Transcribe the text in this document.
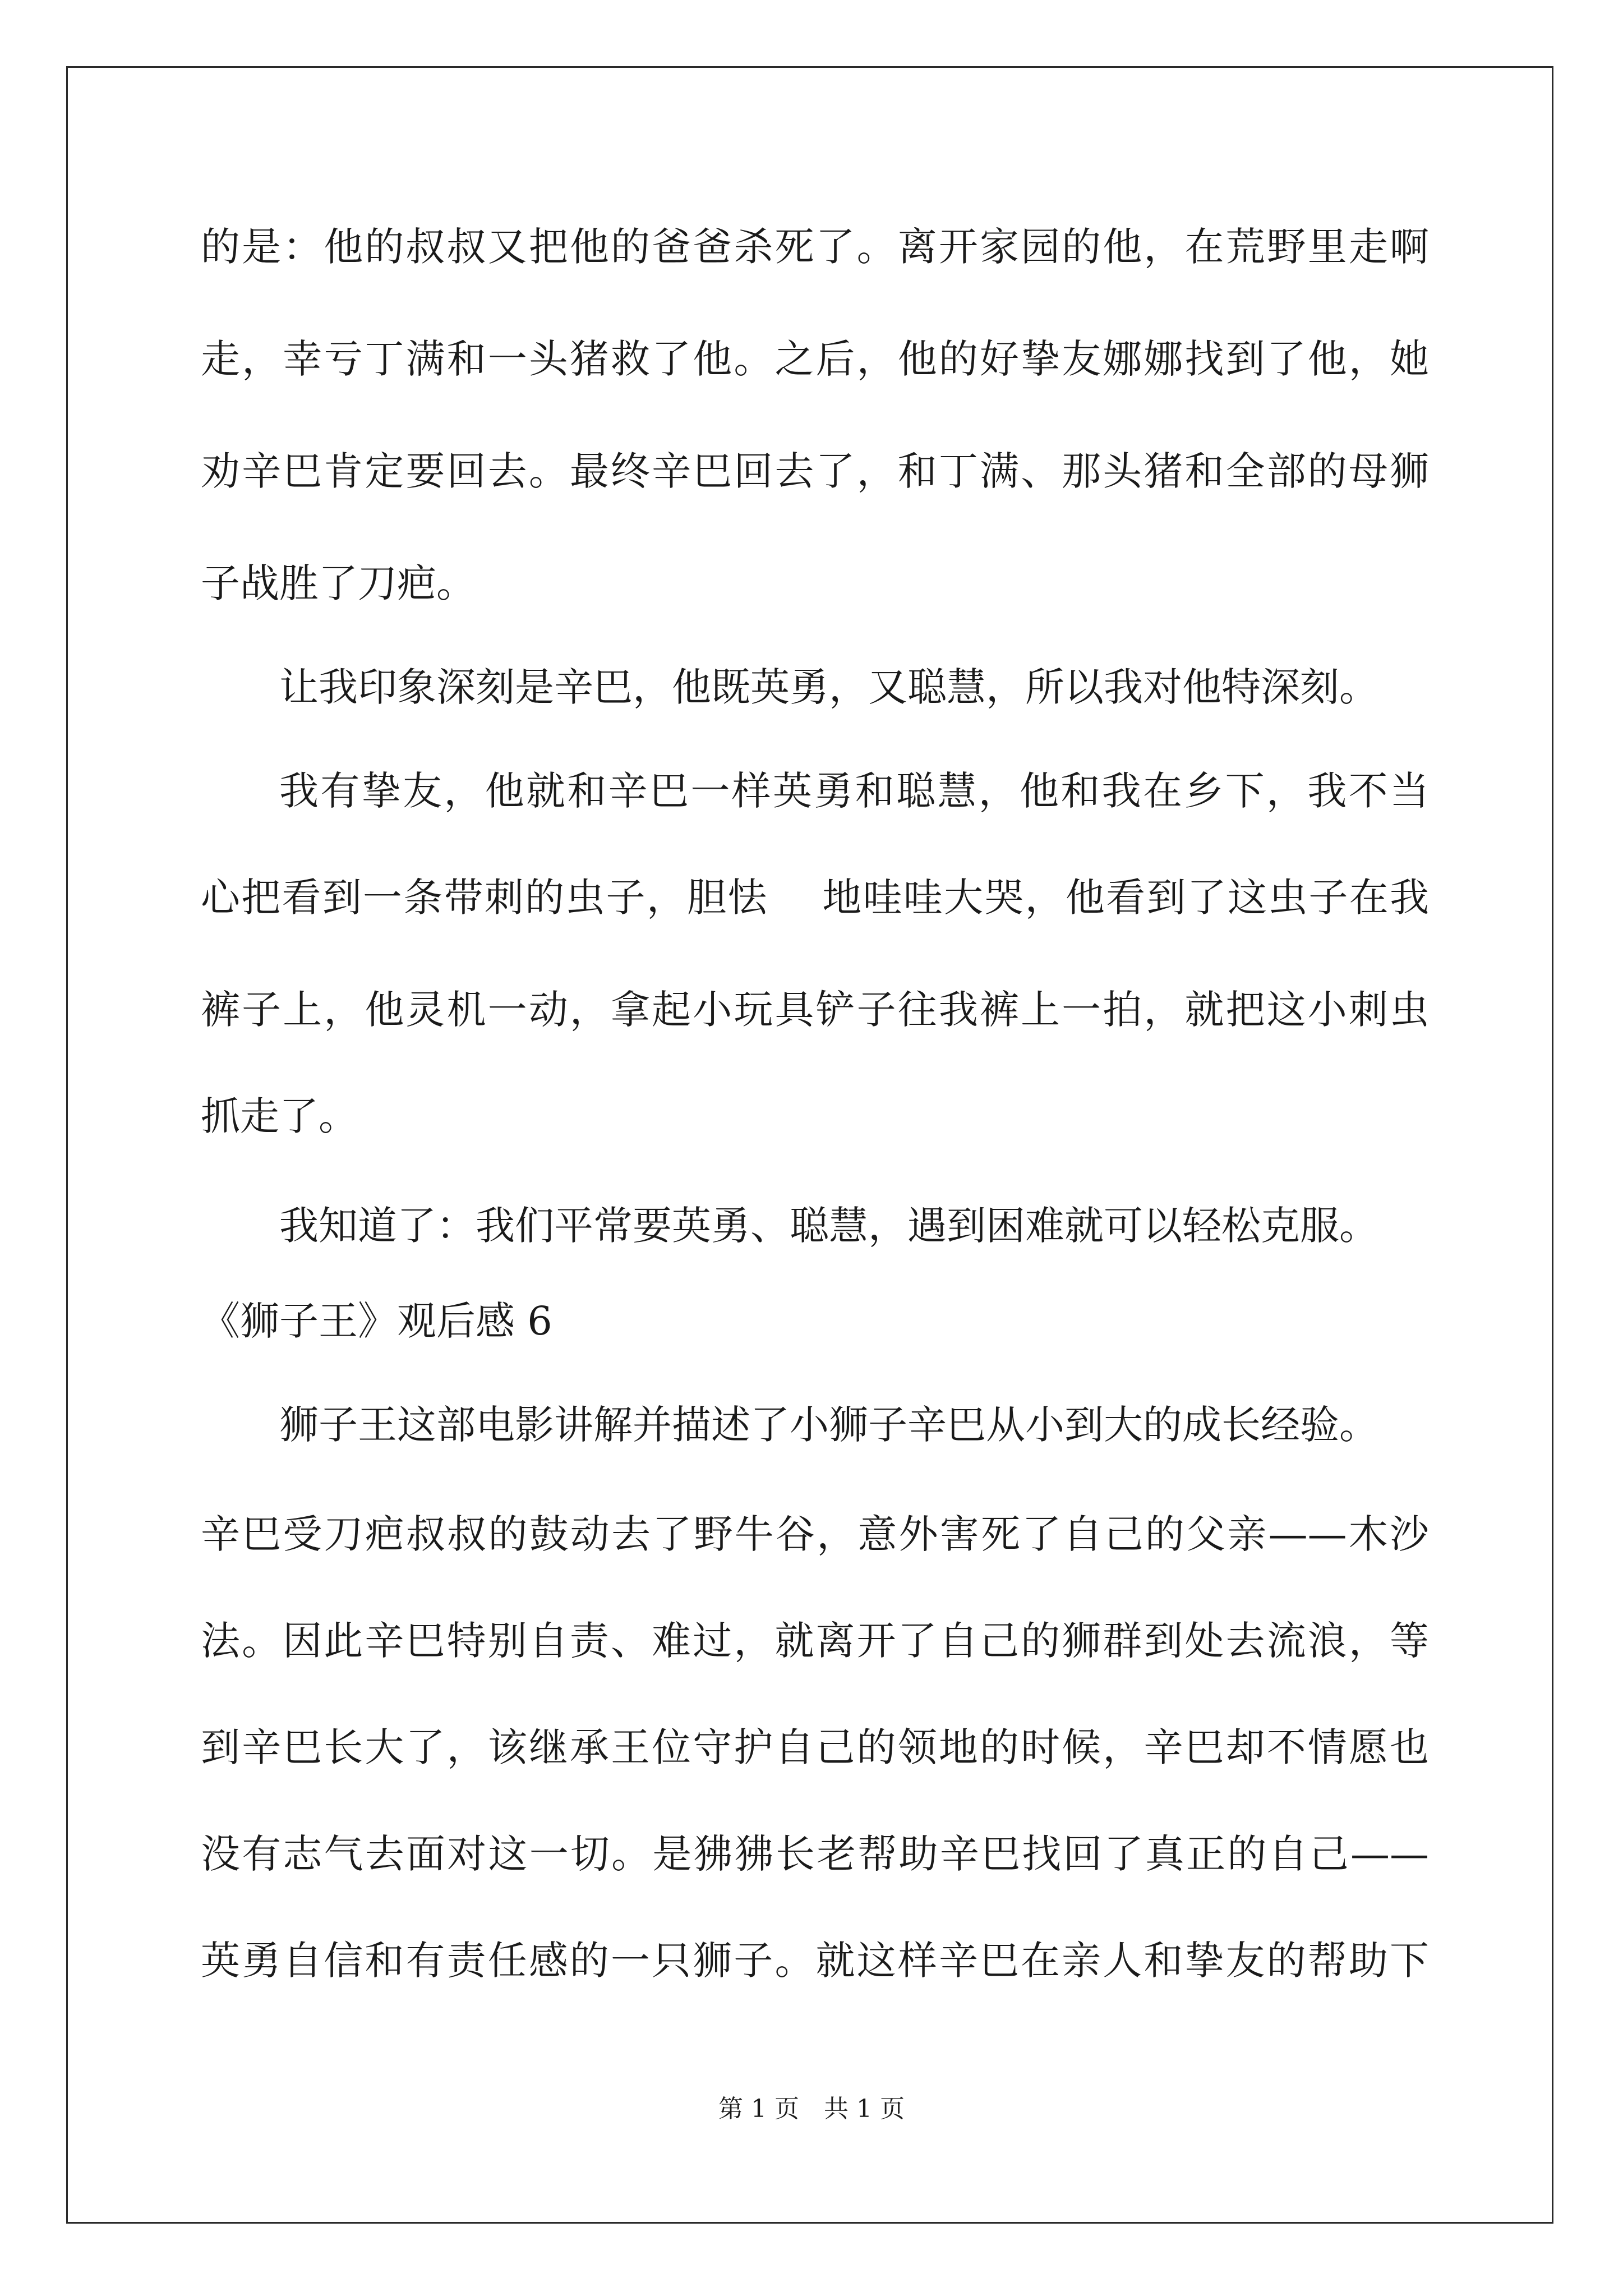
的是：他的叔叔又把他的爸爸杀死了。离开家园的他，在荒野里走啊
走，幸亏丁满和一头猪救了他。之后，他的好挚友娜娜找到了他，她
劝辛巴肯定要回去。最终辛巴回去了，和丁满、那头猪和全部的母狮
子战胜了刀疤。
让我印象深刻是辛巴，他既英勇，又聪慧，所以我对他特深刻。
我有挚友，他就和辛巴一样英勇和聪慧，他和我在乡下，我不当
心把看到一条带刺的虫子，胆怯　 地哇哇大哭，他看到了这虫子在我
裤子上，他灵机一动，拿起小玩具铲子往我裤上一拍，就把这小刺虫
抓走了。
我知道了：我们平常要英勇、聪慧，遇到困难就可以轻松克服。
《狮子王》观后感 6
狮子王这部电影讲解并描述了小狮子辛巴从小到大的成长经验。
辛巴受刀疤叔叔的鼓动去了野牛谷，意外害死了自己的父亲——木沙
法。因此辛巴特别自责、难过，就离开了自己的狮群到处去流浪，等
到辛巴长大了，该继承王位守护自己的领地的时候，辛巴却不情愿也
没有志气去面对这一切。是狒狒长老帮助辛巴找回了真正的自己——
英勇自信和有责任感的一只狮子。就这样辛巴在亲人和挚友的帮助下
第 1 页　共 1 页
